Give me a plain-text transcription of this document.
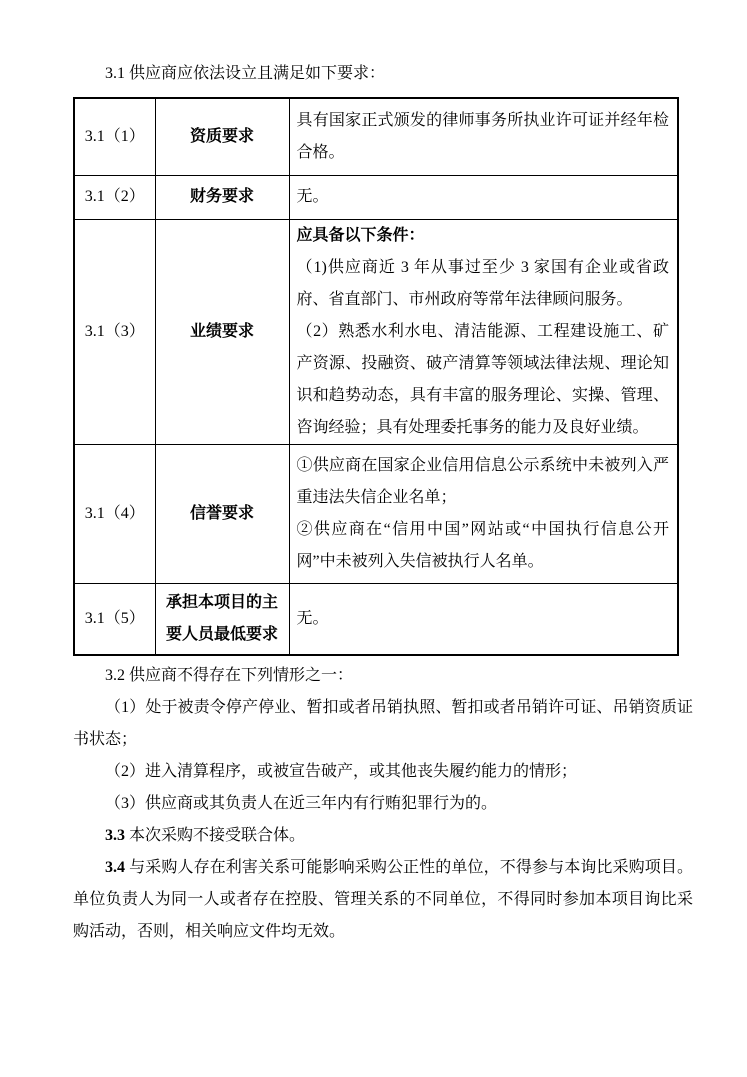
3.1 供应商应依法设立且满足如下要求：

3.1（1）	资质要求	具有国家正式颁发的律师事务所执业许可证并经年检合格。

3.1（2）	财务要求	无。

3.1（3）	业绩要求	应具备以下条件：

（1)供应商近 3 年从事过至少 3 家国有企业或省政府、省直部门、市州政府等常年法律顾问服务。

（2）熟悉水利水电、清洁能源、工程建设施工、矿产资源、投融资、破产清算等领域法律法规、理论知识和趋势动态，具有丰富的服务理论、实操、管理、咨询经验；具有处理委托事务的能力及良好业绩。

3.1（4）	信誉要求	①供应商在国家企业信用信息公示系统中未被列入严重违法失信企业名单；

②供应商在“信用中国”网站或“中国执行信息公开网”中未被列入失信被执行人名单。

3.1（5）	承担本项目的主要人员最低要求	无。

3.2 供应商不得存在下列情形之一：

（1）处于被责令停产停业、暂扣或者吊销执照、暂扣或者吊销许可证、吊销资质证书状态；

（2）进入清算程序，或被宣告破产，或其他丧失履约能力的情形；

（3）供应商或其负责人在近三年内有行贿犯罪行为的。

3.3 本次采购不接受联合体。

3.4 与采购人存在利害关系可能影响采购公正性的单位，不得参与本询比采购项目。单位负责人为同一人或者存在控股、管理关系的不同单位，不得同时参加本项目询比采购活动，否则，相关响应文件均无效。
